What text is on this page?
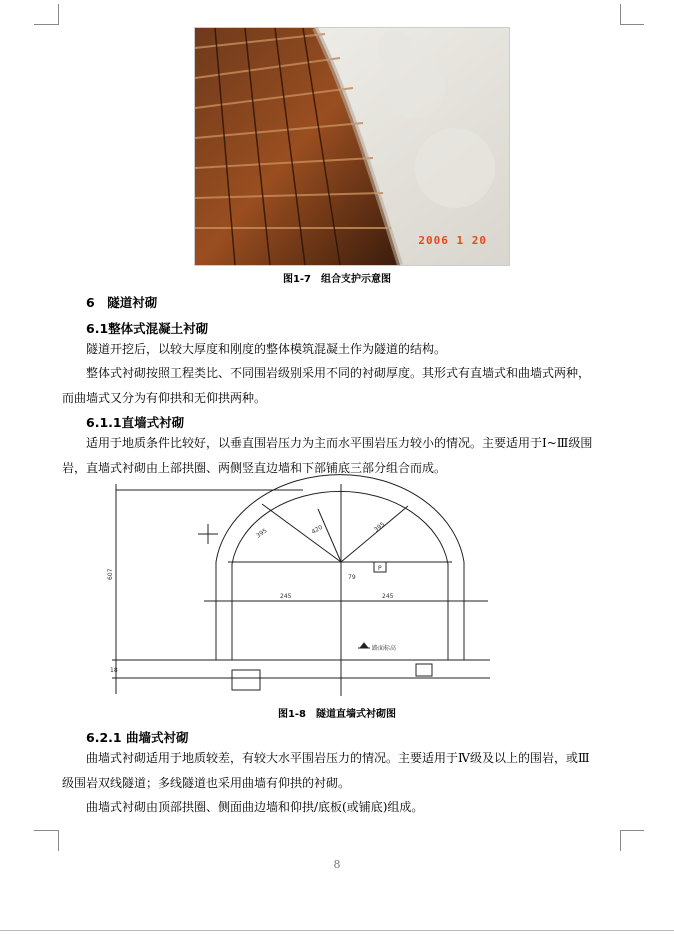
2006 1 20
图1-7　组合支护示意图
6　隧道衬砌
6.1整体式混凝土衬砌
隧道开挖后，以较大厚度和刚度的整体模筑混凝土作为隧道的结构。
整体式衬砌按照工程类比、不同围岩级别采用不同的衬砌厚度。其形式有直墙式和曲墙式两种，
而曲墙式又分为有仰拱和无仰拱两种。
6.1.1直墙式衬砌
适用于地质条件比较好，以垂直围岩压力为主而水平围岩压力较小的情况。主要适用于Ⅰ~Ⅲ级围
岩，直墙式衬砌由上部拱圈、两侧竖直边墙和下部铺底三部分组合而成。
395	420	395
79
P
245	245
607
18
路面标高
图1-8　隧道直墙式衬砌图
6.2.1 曲墙式衬砌
曲墙式衬砌适用于地质较差，有较大水平围岩压力的情况。主要适用于Ⅳ级及以上的围岩，或Ⅲ
级围岩双线隧道；多线隧道也采用曲墙有仰拱的衬砌。
曲墙式衬砌由顶部拱圈、侧面曲边墙和仰拱/底板(或铺底)组成。
8
